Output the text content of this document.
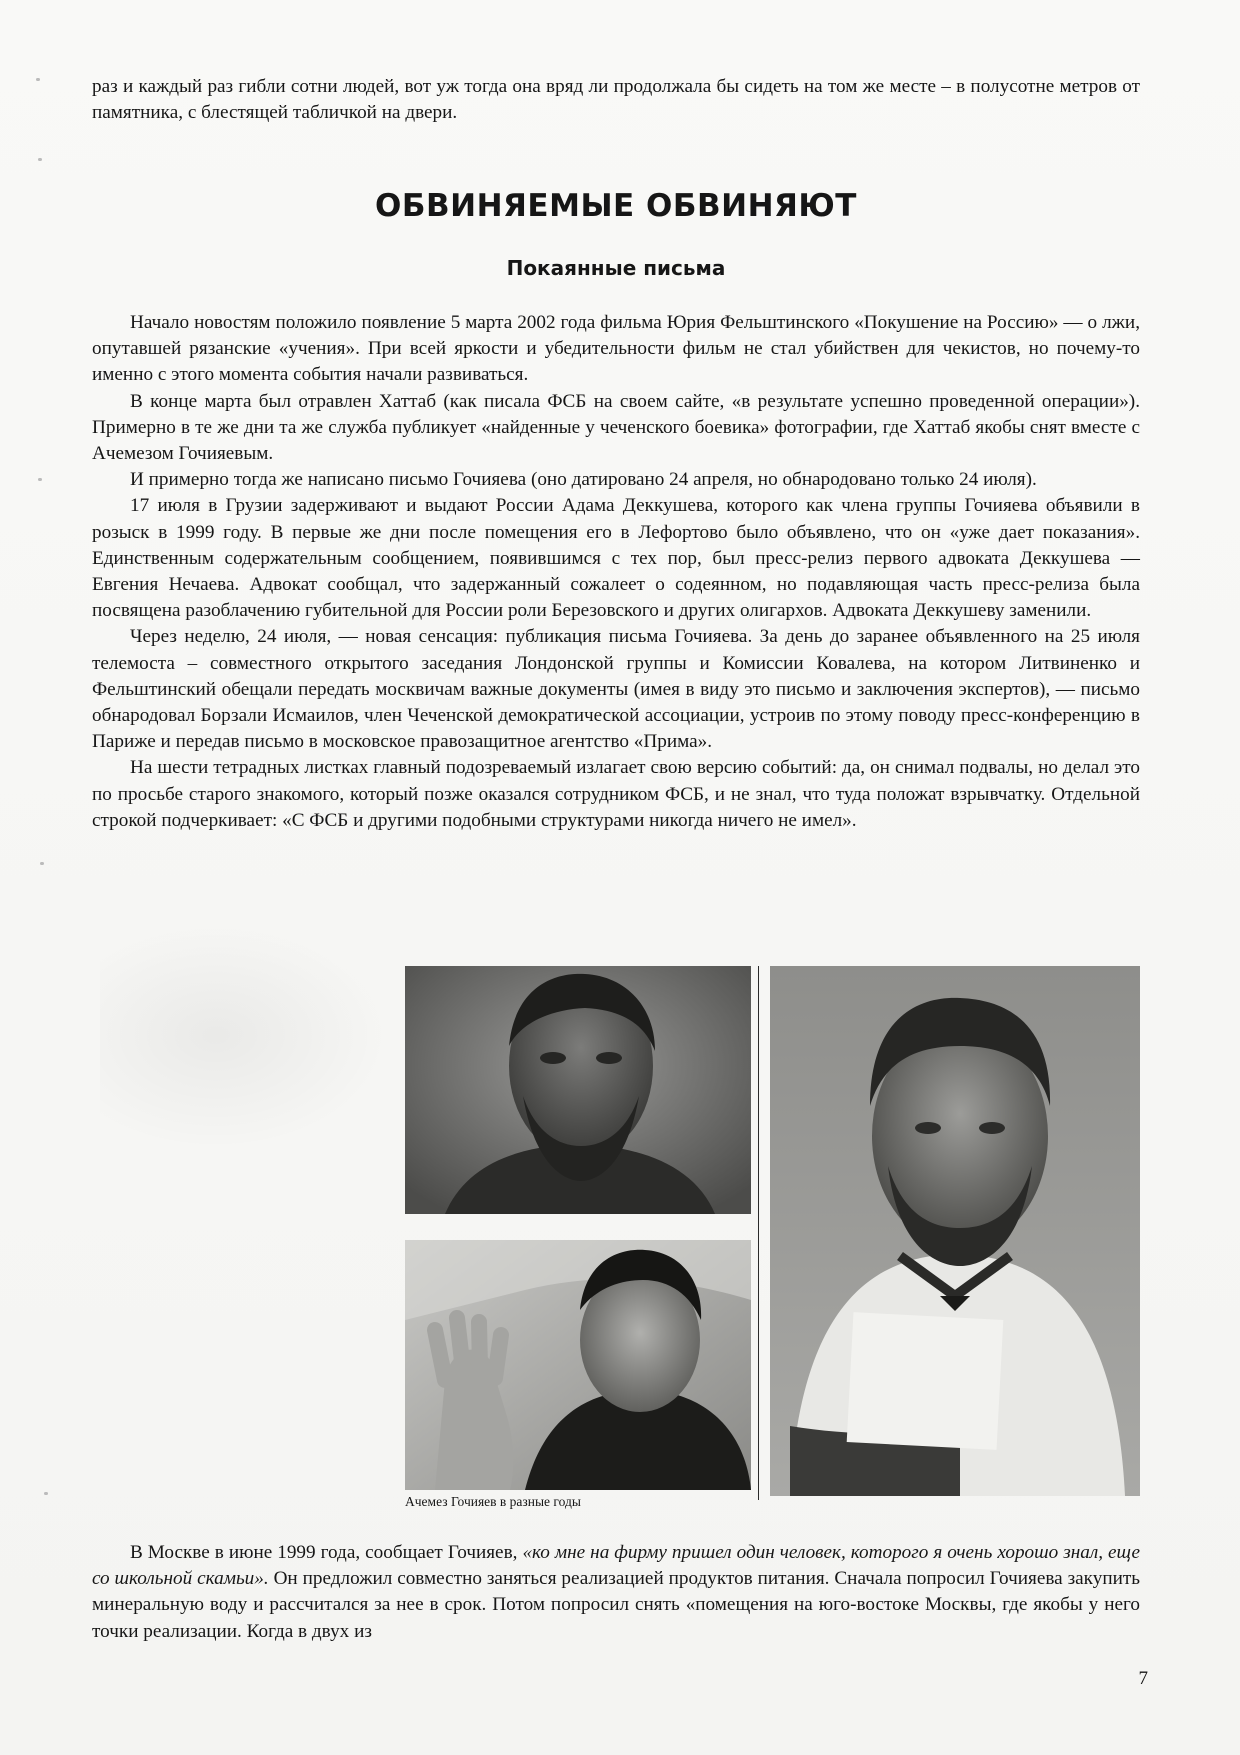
раз и каждый раз гибли сотни людей, вот уж тогда она вряд ли продолжала бы сидеть на том же месте – в полусотне метров от памятника, с блестящей табличкой на двери.

ОБВИНЯЕМЫЕ ОБВИНЯЮТ
Покаянные письма

Начало новостям положило появление 5 марта 2002 года фильма Юрия Фельштинского «Покушение на Россию» — о лжи, опутавшей рязанские «учения». При всей яркости и убедительности фильм не стал убийствен для чекистов, но почему-то именно с этого момента события начали развиваться.

В конце марта был отравлен Хаттаб (как писала ФСБ на своем сайте, «в результате успешно проведенной операции»). Примерно в те же дни та же служба публикует «найденные у чеченского боевика» фотографии, где Хаттаб якобы снят вместе с Ачемезом Гочияевым.

И примерно тогда же написано письмо Гочияева (оно датировано 24 апреля, но обнародовано только 24 июля).

17 июля в Грузии задерживают и выдают России Адама Деккушева, которого как члена группы Гочияева объявили в розыск в 1999 году. В первые же дни после помещения его в Лефортово было объявлено, что он «уже дает показания». Единственным содержательным сообщением, появившимся с тех пор, был пресс-релиз первого адвоката Деккушева — Евгения Нечаева. Адвокат сообщал, что задержанный сожалеет о содеянном, но подавляющая часть пресс-релиза была посвящена разоблачению губительной для России роли Березовского и других олигархов. Адвоката Деккушеву заменили.

Через неделю, 24 июля, — новая сенсация: публикация письма Гочияева. За день до заранее объявленного на 25 июля телемоста – совместного открытого заседания Лондонской группы и Комиссии Ковалева, на котором Литвиненко и Фельштинский обещали передать москвичам важные документы (имея в виду это письмо и заключения экспертов), — письмо обнародовал Борзали Исмаилов, член Чеченской демократической ассоциации, устроив по этому поводу пресс-конференцию в Париже и передав письмо в московское правозащитное агентство «Прима».

На шести тетрадных листках главный подозреваемый излагает свою версию событий: да, он снимал подвалы, но делал это по просьбе старого знакомого, который позже оказался сотрудником ФСБ, и не знал, что туда положат взрывчатку. Отдельной строкой подчеркивает: «С ФСБ и другими подобными структурами никогда ничего не имел».

Ачемез Гочияев в разные годы

В Москве в июне 1999 года, сообщает Гочияев, «ко мне на фирму пришел один человек, которого я очень хорошо знал, еще со школьной скамьи». Он предложил совместно заняться реализацией продуктов питания. Сначала попросил Гочияева закупить минеральную воду и рассчитался за нее в срок. Потом попросил снять «помещения на юго-востоке Москвы, где якобы у него точки реализации. Когда в двух из

7
